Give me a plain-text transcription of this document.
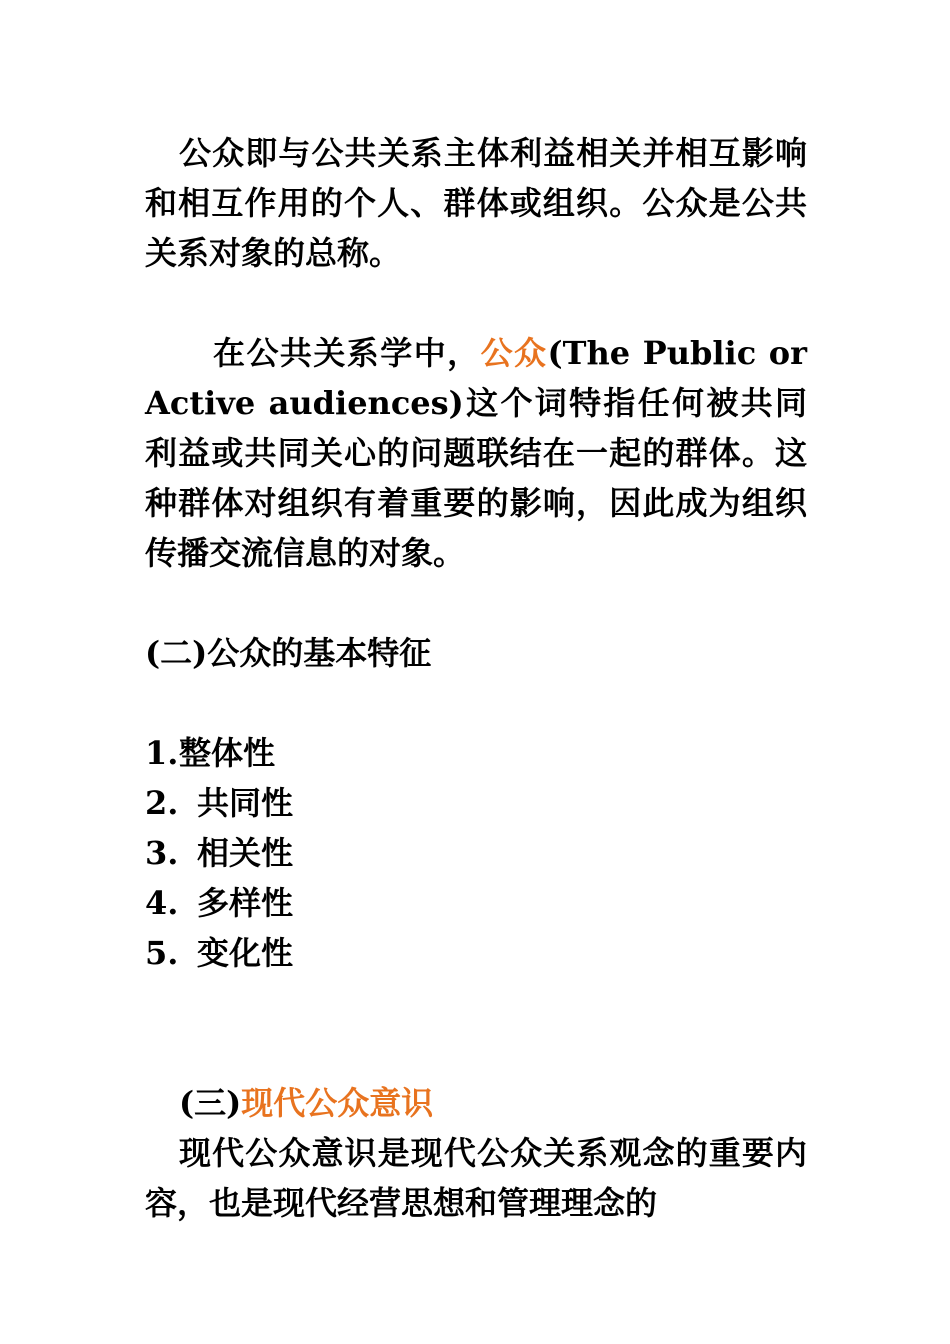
公众即与公共关系主体利益相关并相互影响和相互作用的个人、群体或组织。公众是公共关系对象的总称。

在公共关系学中，公众(The Public or Active audiences)这个词特指任何被共同利益或共同关心的问题联结在一起的群体。这种群体对组织有着重要的影响，因此成为组织传播交流信息的对象。

(二)公众的基本特征
1.整体性
2. 共同性
3. 相关性
4. 多样性
5. 变化性
(三)现代公众意识

现代公众意识是现代公众关系观念的重要内容，也是现代经营思想和管理理念的
